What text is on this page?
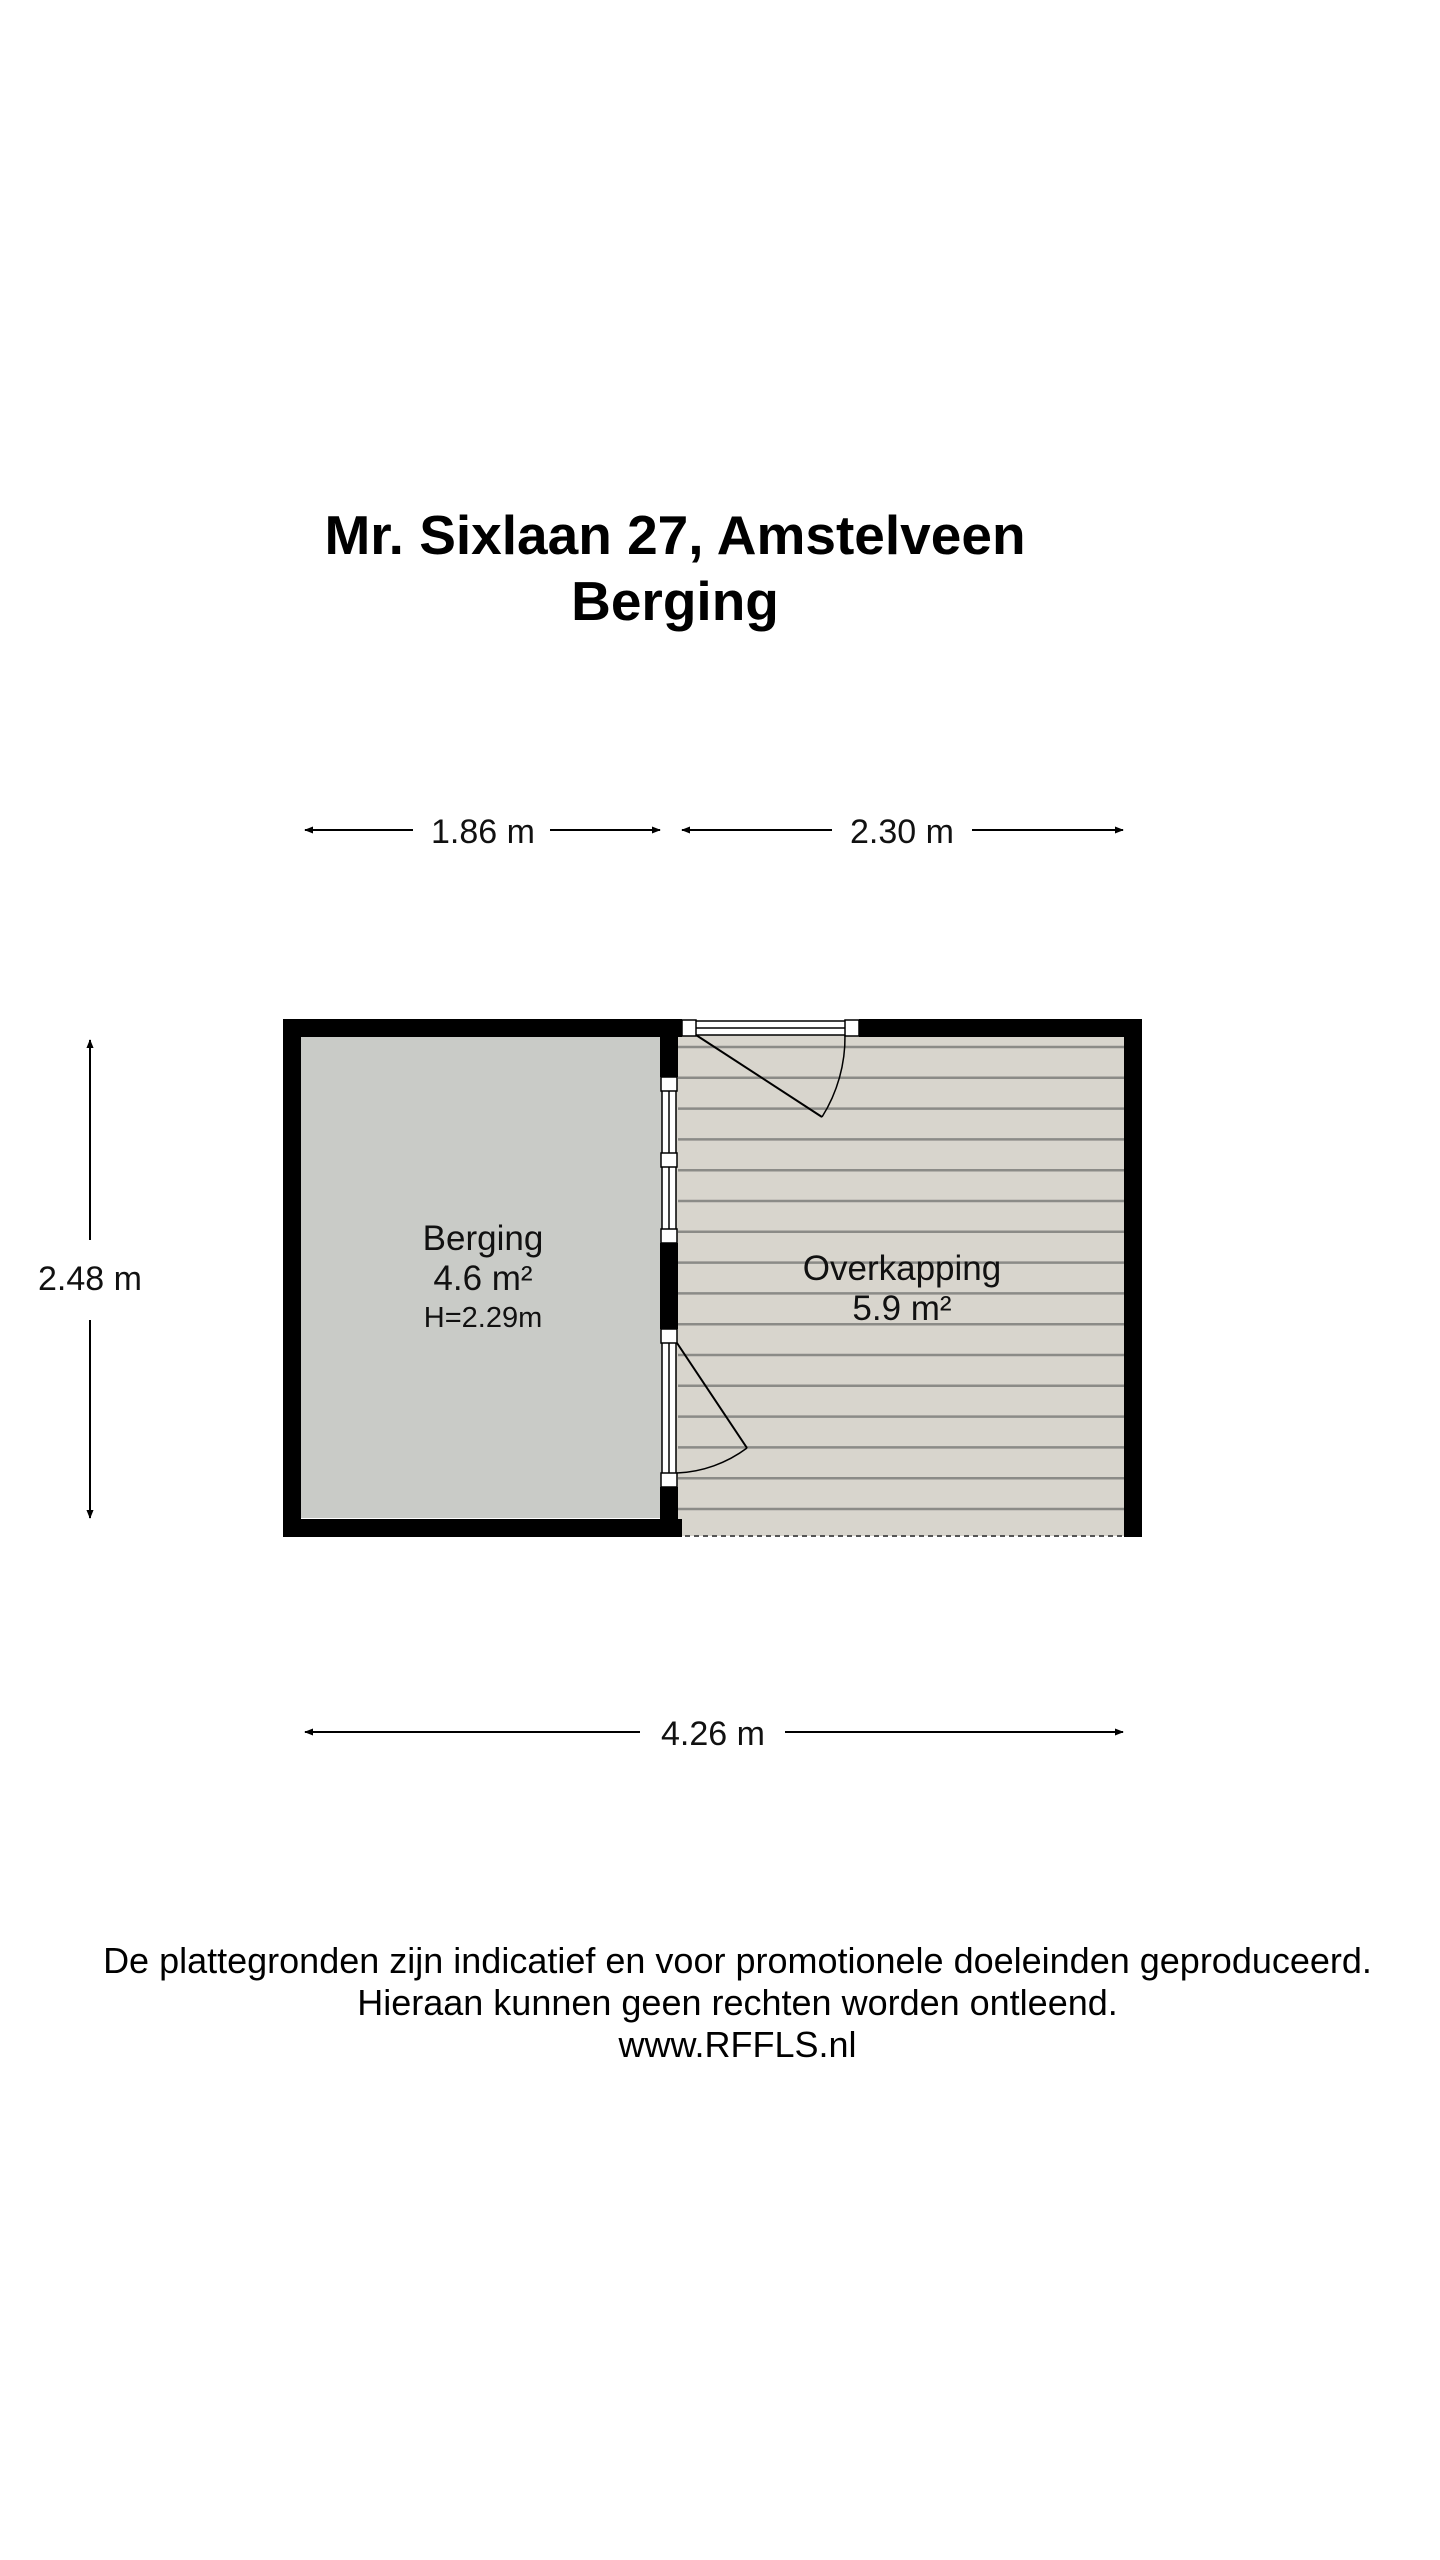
Mr. Sixlaan 27, Amstelveen
Berging
1.86 m	2.30 m
2.48 m
4.26 m
Berging
4.6 m²
H=2.29m
Overkapping
5.9 m²
De plattegronden zijn indicatief en voor promotionele doeleinden geproduceerd.
Hieraan kunnen geen rechten worden ontleend.
www.RFFLS.nl
